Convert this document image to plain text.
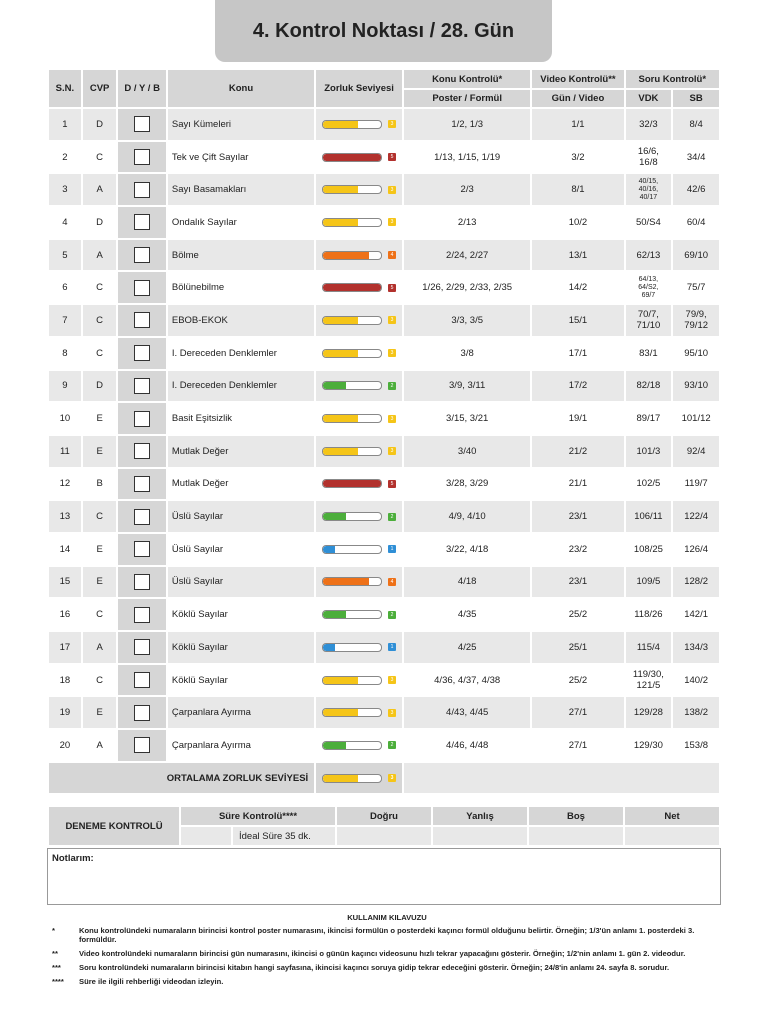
4. Kontrol Noktası / 28. Gün
S.N.	CVP	D / Y / B	Konu	Zorluk Seviyesi	Konu Kontrolü*	Video Kontrolü**	Soru Kontrolü*	
					Poster / Formül	Gün / Video	VDK	SB
1	D		Sayı Kümeleri	3	1/2, 1/3	1/1	32/3	8/4
2	C		Tek ve Çift Sayılar	5	1/13, 1/15, 1/19	3/2	16/6,
16/8	34/4
3	A		Sayı Basamakları	3	2/3	8/1	40/15,
40/16,
40/17	42/6
4	D		Ondalık Sayılar	3	2/13	10/2	50/S4	60/4
5	A		Bölme	4	2/24, 2/27	13/1	62/13	69/10
6	C		Bölünebilme	5	1/26, 2/29, 2/33, 2/35	14/2	64/13,
64/S2,
69/7	75/7
7	C		EBOB-EKOK	3	3/3, 3/5	15/1	70/7,
71/10	79/9,
79/12
8	C		I. Dereceden Denklemler	3	3/8	17/1	83/1	95/10
9	D		I. Dereceden Denklemler	2	3/9, 3/11	17/2	82/18	93/10
10	E		Basit Eşitsizlik	3	3/15, 3/21	19/1	89/17	101/12
11	E		Mutlak Değer	3	3/40	21/2	101/3	92/4
12	B		Mutlak Değer	5	3/28, 3/29	21/1	102/5	119/7
13	C		Üslü Sayılar	2	4/9, 4/10	23/1	106/11	122/4
14	E		Üslü Sayılar	1	3/22, 4/18	23/2	108/25	126/4
15	E		Üslü Sayılar	4	4/18	23/1	109/5	128/2
16	C		Köklü Sayılar	2	4/35	25/2	118/26	142/1
17	A		Köklü Sayılar	1	4/25	25/1	115/4	134/3
18	C		Köklü Sayılar	3	4/36, 4/37, 4/38	25/2	119/30,
121/5	140/2
19	E		Çarpanlara Ayırma	3	4/43, 4/45	27/1	129/28	138/2
20	A		Çarpanlara Ayırma	2	4/46, 4/48	27/1	129/30	153/8
ORTALAMA ZORLUK SEVİYESİ				3				

DENEME KONTROLÜ	Süre Kontrolü****		Doğru	Yanlış	Boş	Net
		İdeal Süre 35 dk.				
Notlarım:
KULLANIM KILAVUZU
*	Konu kontrolündeki numaraların birincisi kontrol poster numarasını, ikincisi formülün o posterdeki kaçıncı formül olduğunu belirtir. Örneğin; 1/3'ün anlamı 1. posterdeki 3. formüldür.
**	Video kontrolündeki numaraların birincisi gün numarasını, ikincisi o günün kaçıncı videosunu hızlı tekrar yapacağını gösterir. Örneğin; 1/2'nin anlamı 1. gün 2. videodur.
***	Soru kontrolündeki numaraların birincisi kitabın hangi sayfasına, ikincisi kaçıncı soruya gidip tekrar edeceğini gösterir. Örneğin; 24/8'in anlamı 24. sayfa 8. sorudur.
****	Süre ile ilgili rehberliği videodan izleyin.
